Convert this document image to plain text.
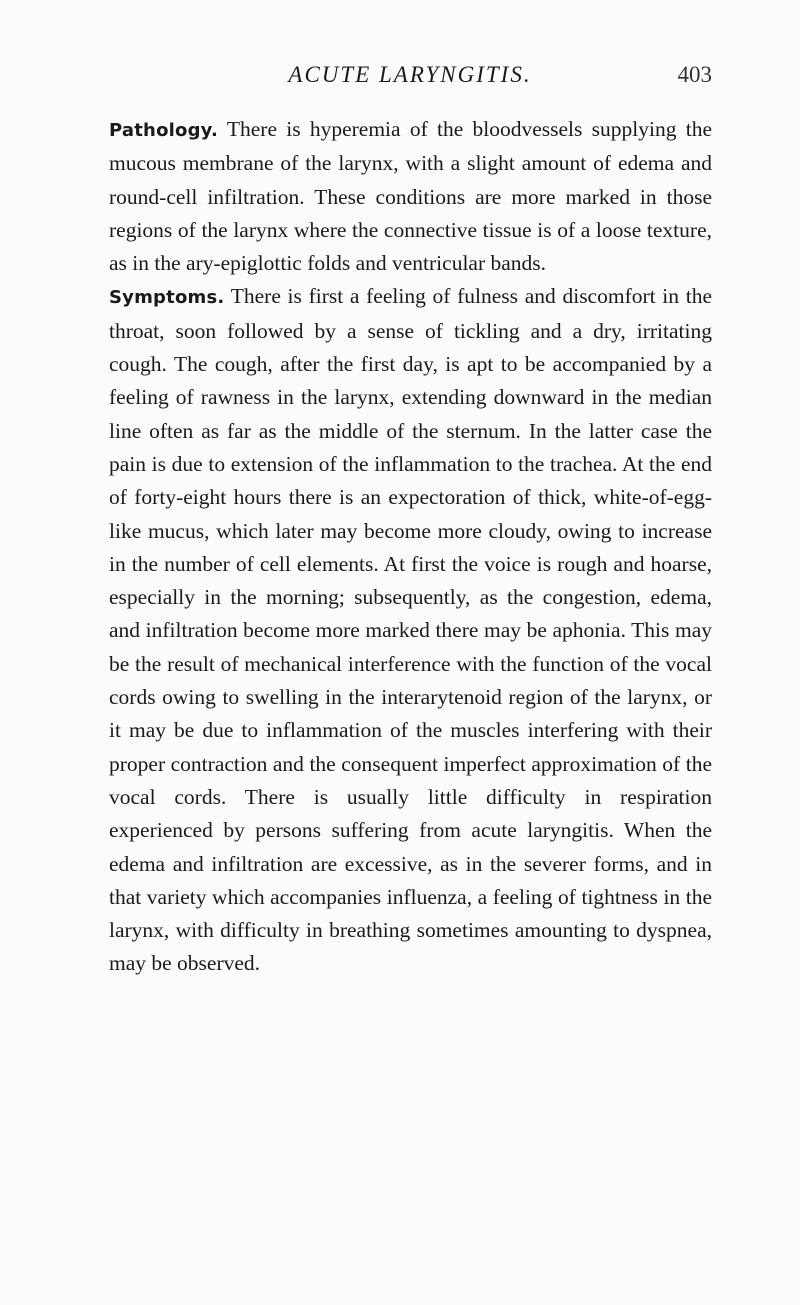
ACUTE LARYNGITIS.	403

Pathology. There is hyperemia of the bloodvessels supplying the mucous membrane of the larynx, with a slight amount of edema and round-cell infiltration. These conditions are more marked in those regions of the larynx where the connective tissue is of a loose texture, as in the ary-epiglottic folds and ventricular bands.

Symptoms. There is first a feeling of fulness and discomfort in the throat, soon followed by a sense of tickling and a dry, irritating cough. The cough, after the first day, is apt to be accompanied by a feeling of rawness in the larynx, extending downward in the median line often as far as the middle of the sternum. In the latter case the pain is due to extension of the inflammation to the trachea. At the end of forty-eight hours there is an expectoration of thick, white-of-egg-like mucus, which later may become more cloudy, owing to increase in the number of cell elements. At first the voice is rough and hoarse, especially in the morning; subsequently, as the congestion, edema, and infiltration become more marked there may be aphonia. This may be the result of mechanical interference with the function of the vocal cords owing to swelling in the interarytenoid region of the larynx, or it may be due to inflammation of the muscles interfering with their proper contraction and the consequent imperfect approximation of the vocal cords. There is usually little difficulty in respiration experienced by persons suffering from acute laryngitis. When the edema and infiltration are excessive, as in the severer forms, and in that variety which accompanies influenza, a feeling of tightness in the larynx, with difficulty in breathing sometimes amounting to dyspnea, may be observed.
